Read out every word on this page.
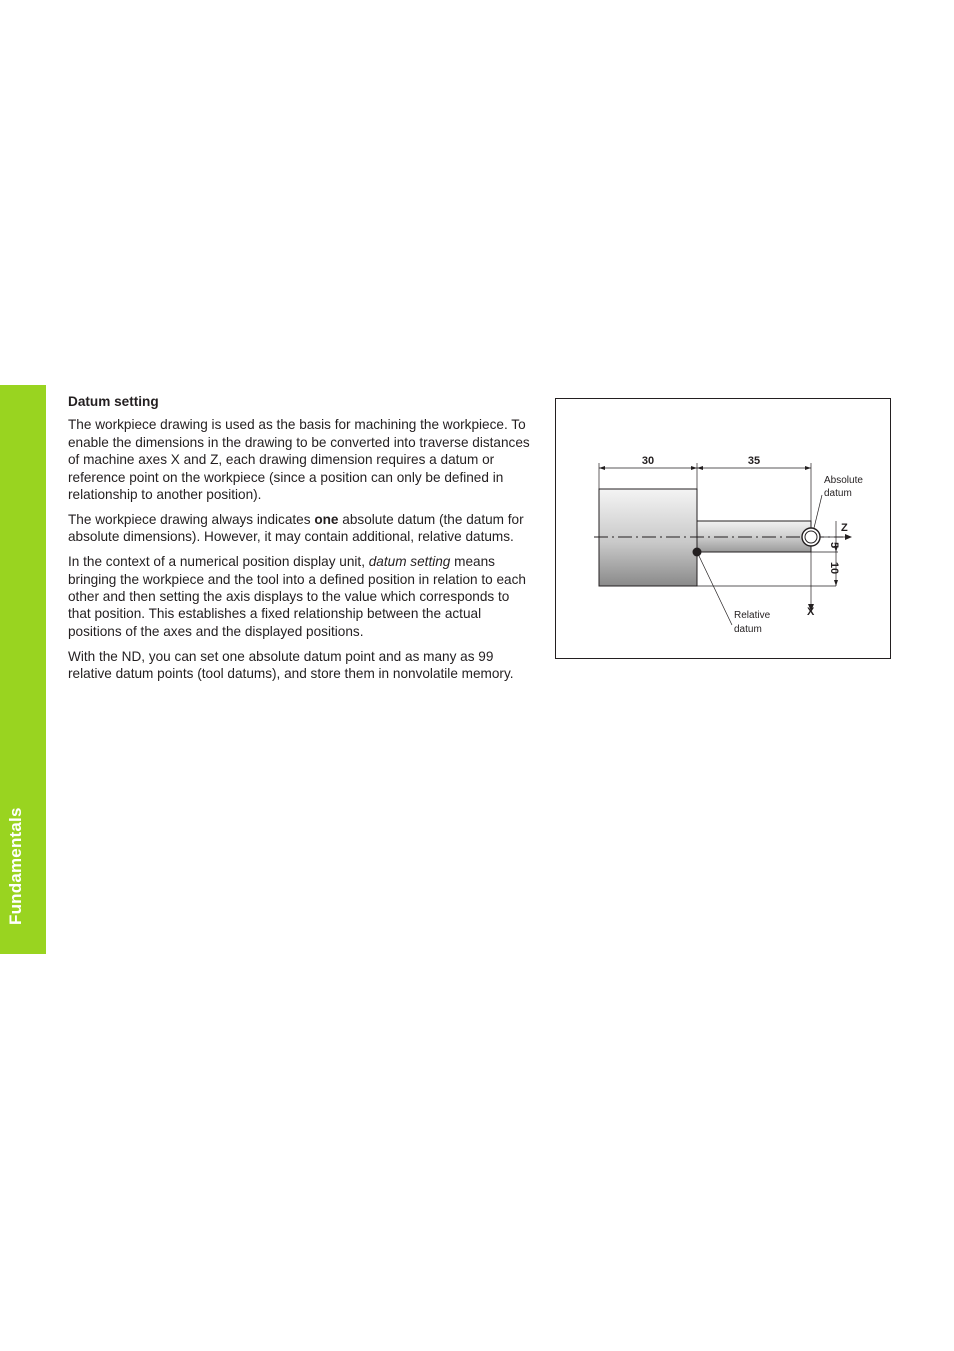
Fundamentals
6
Datum setting

The workpiece drawing is used as the basis for machining the workpiece. To enable the dimensions in the drawing to be converted into traverse distances of machine axes X and Z, each drawing dimension requires a datum or reference point on the workpiece (since a position can only be defined in relationship to another position).

The workpiece drawing always indicates one absolute datum (the datum for absolute dimensions). However, it may contain additional, relative datums.

In the context of a numerical position display unit, datum setting means bringing the workpiece and the tool into a defined position in relation to each other and then setting the axis displays to the value which corresponds to that position. This establishes a fixed relationship between the actual positions of the axes and the displayed positions.

With the ND, you can set one absolute datum point and as many as 99 relative datum points (tool datums), and store them in nonvolatile memory.

30	35
Absolute
datum
Z
X
5
10
Relative
datum
